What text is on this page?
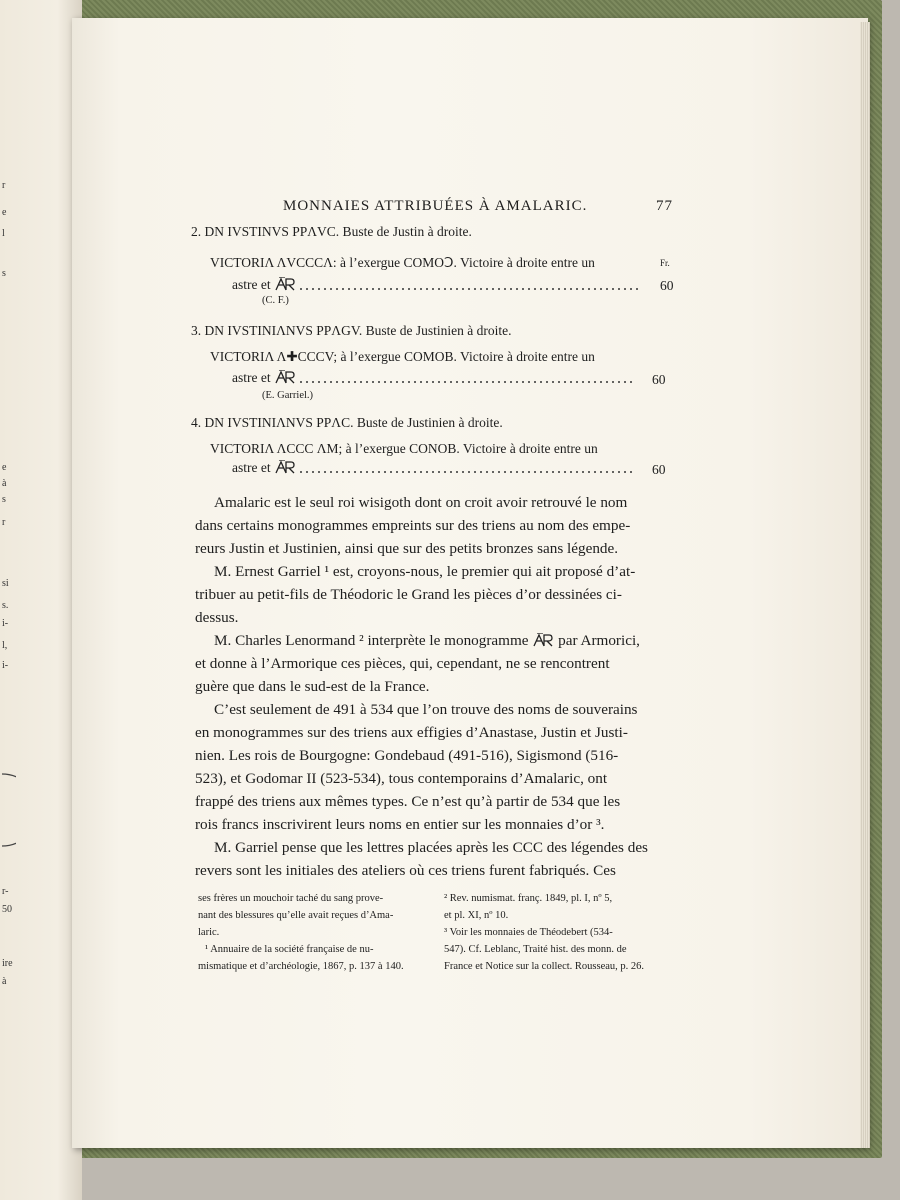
r
e
l
s
e
à
s
r
si
s.
i-
l,
i-
r-
50
ire
à
MONNAIES ATTRIBUÉES À AMALARIC.	77
2. DN IVSTINVS PPΛVC. Buste de Justin à droite.
VICTORIΛ ΛVCCCΛ: à l’exergue COMOↃ. Victoire à droite entre un	Fr.
astre et	60
(C. F.)
3. DN IVSTINIΛNVS PPΛGV. Buste de Justinien à droite.
VICTORIΛ Λ✚CCCV; à l’exergue COMOB. Victoire à droite entre un
astre et	60
(E. Garriel.)
4. DN IVSTINIΛNVS PPΛC. Buste de Justinien à droite.
VICTORIΛ ΛCCC ΛM; à l’exergue CONOB. Victoire à droite entre un
astre et	60
Amalaric est le seul roi wisigoth dont on croit avoir retrouvé le nom
dans certains monogrammes empreints sur des triens au nom des empe-
reurs Justin et Justinien, ainsi que sur des petits bronzes sans légende.
M. Ernest Garriel ¹ est, croyons-nous, le premier qui ait proposé d’at-
tribuer au petit-fils de Théodoric le Grand les pièces d’or dessinées ci-
dessus.
M. Charles Lenormand ² interprète le monogramme par Armorici,
et donne à l’Armorique ces pièces, qui, cependant, ne se rencontrent
guère que dans le sud-est de la France.
C’est seulement de 491 à 534 que l’on trouve des noms de souverains
en monogrammes sur des triens aux effigies d’Anastase, Justin et Justi-
nien. Les rois de Bourgogne: Gondebaud (491-516), Sigismond (516-
523), et Godomar II (523-534), tous contemporains d’Amalaric, ont
frappé des triens aux mêmes types. Ce n’est qu’à partir de 534 que les
rois francs inscrivirent leurs noms en entier sur les monnaies d’or ³.
M. Garriel pense que les lettres placées après les CCC des légendes des
revers sont les initiales des ateliers où ces triens furent fabriqués. Ces
ses frères un mouchoir taché du sang prove-
nant des blessures qu’elle avait reçues d’Ama-
laric.
¹ Annuaire de la société française de nu-
mismatique et d’archéologie, 1867, p. 137 à 140.
² Rev. numismat. franç. 1849, pl. I, nº 5,
et pl. XI, nº 10.
³ Voir les monnaies de Théodebert (534-
547). Cf. Leblanc, Traité hist. des monn. de
France et Notice sur la collect. Rousseau, p. 26.
